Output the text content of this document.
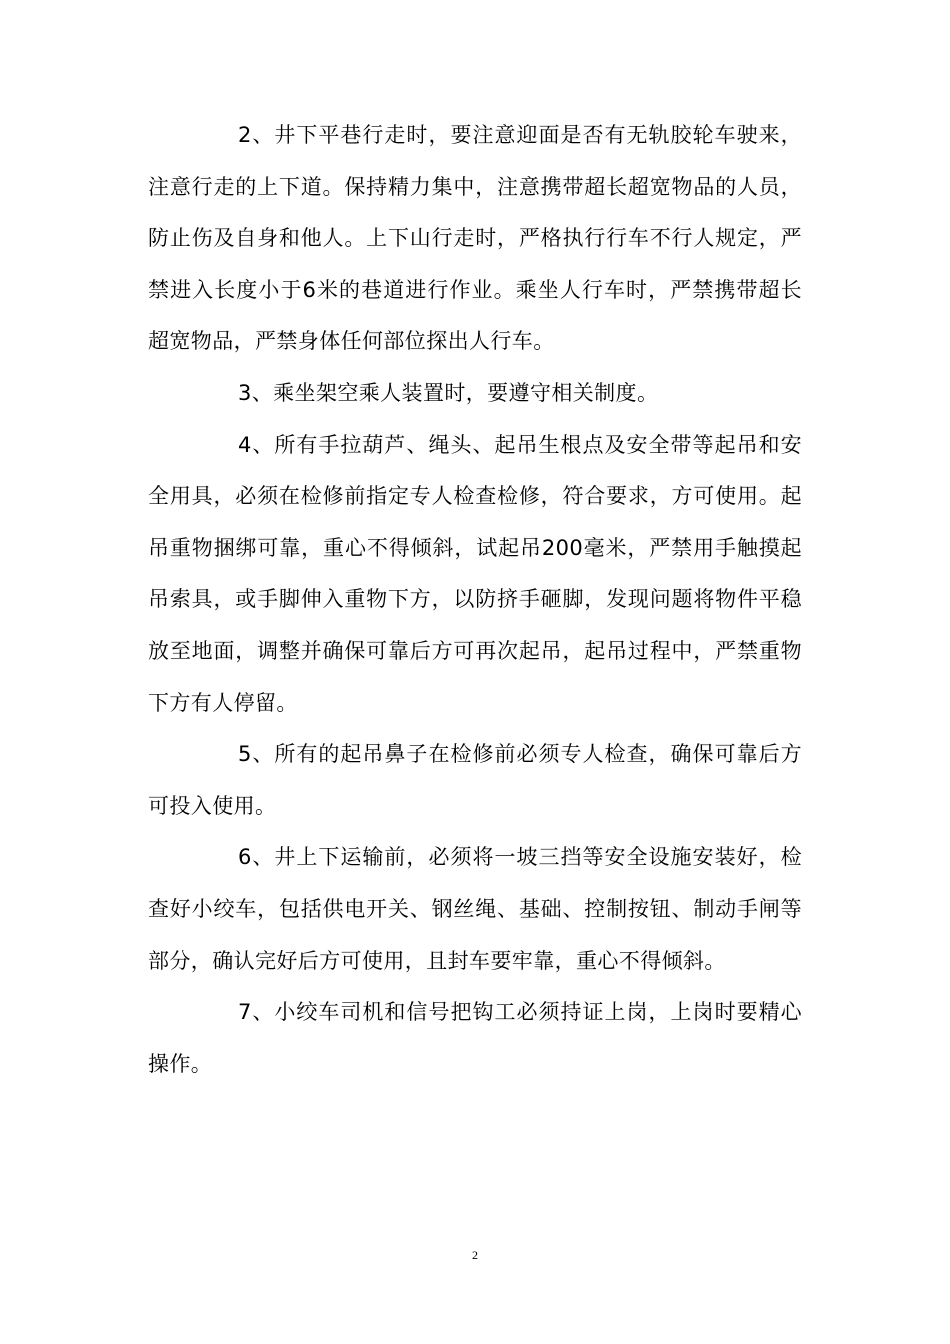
2、井下平巷行走时，要注意迎面是否有无轨胶轮车驶来，注意行走的上下道。保持精力集中，注意携带超长超宽物品的人员，防止伤及自身和他人。上下山行走时，严格执行行车不行人规定，严禁进入长度小于6米的巷道进行作业。乘坐人行车时，严禁携带超长超宽物品，严禁身体任何部位探出人行车。

3、乘坐架空乘人装置时，要遵守相关制度。

4、所有手拉葫芦、绳头、起吊生根点及安全带等起吊和安全用具，必须在检修前指定专人检查检修，符合要求，方可使用。起吊重物捆绑可靠，重心不得倾斜，试起吊200毫米，严禁用手触摸起吊索具，或手脚伸入重物下方，以防挤手砸脚，发现问题将物件平稳放至地面，调整并确保可靠后方可再次起吊，起吊过程中，严禁重物下方有人停留。

5、所有的起吊鼻子在检修前必须专人检查，确保可靠后方可投入使用。

6、井上下运输前，必须将一坡三挡等安全设施安装好，检查好小绞车，包括供电开关、钢丝绳、基础、控制按钮、制动手闸等部分，确认完好后方可使用，且封车要牢靠，重心不得倾斜。

7、小绞车司机和信号把钩工必须持证上岗，上岗时要精心操作。

2
